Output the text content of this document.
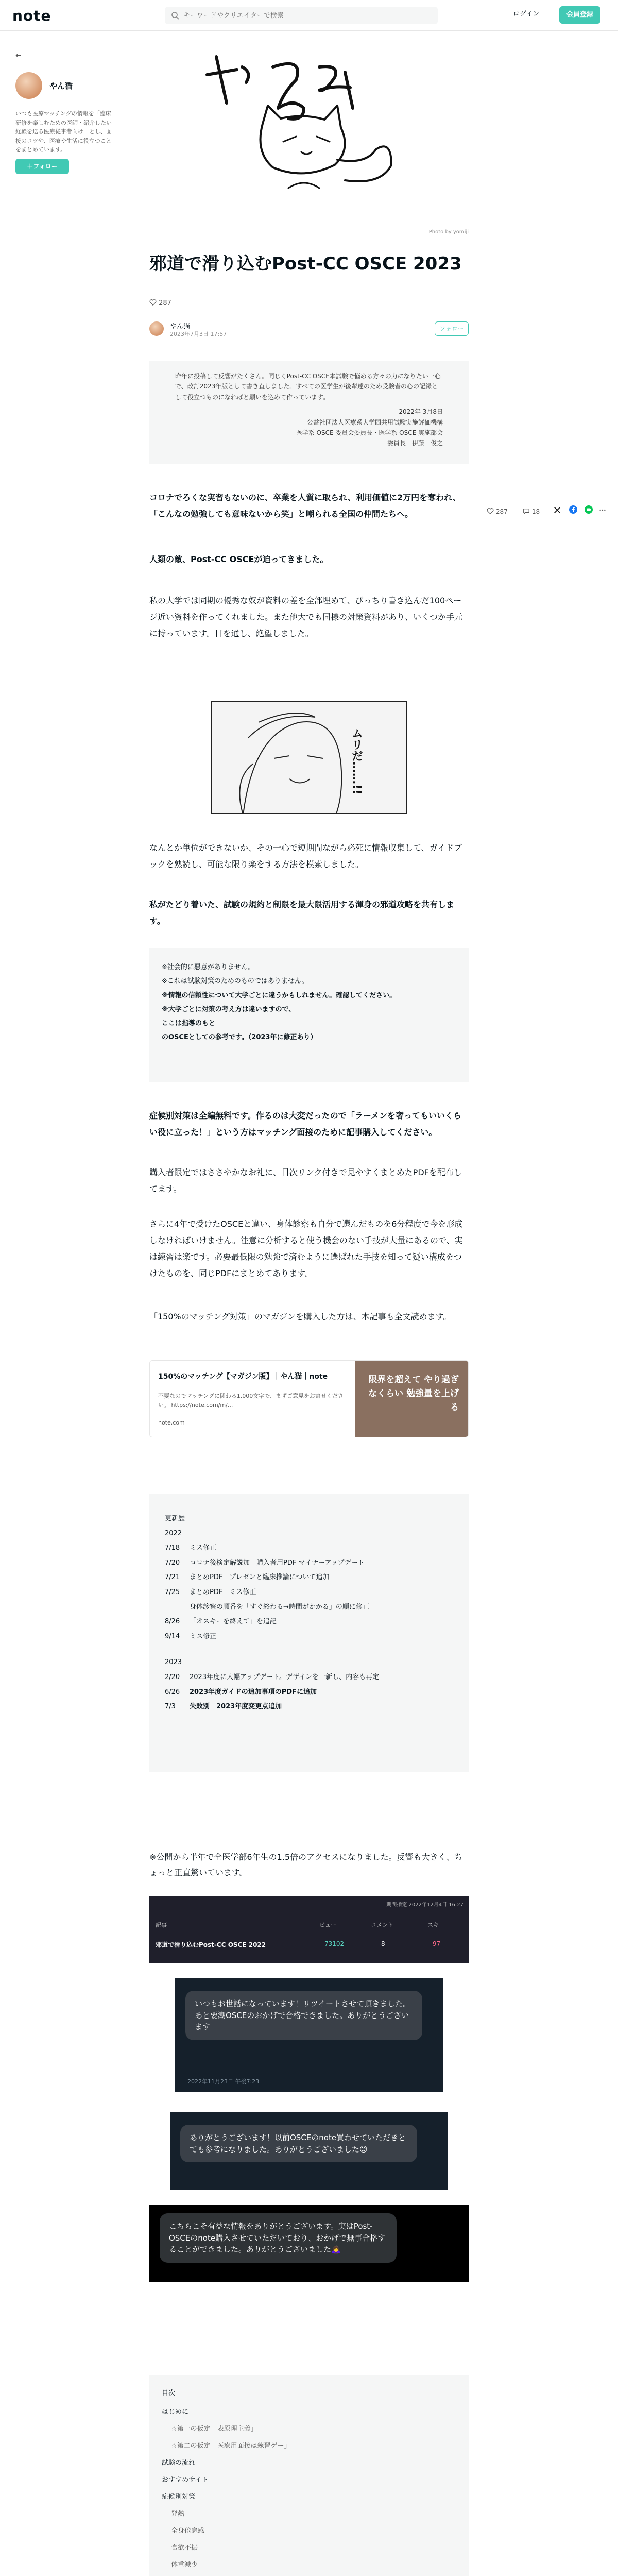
note
キーワードやクリエイターで検索	ログイン	会員登録
←
やん猫
いつも医療マッチングの情報を「臨床研修を楽しむための医師・紹介したい経験を送る医療従事者向け」とし、面接のコツや、医療や生活に役立つことをまとめています。
＋フォロー
287	18
Photo by yomiji
邪道で滑り込むPost-CC OSCE 2023
287
やん猫
2023年7月3日 17:57
フォロー
昨年に投稿して反響がたくさん。同じくPost-CC OSCE本試験で悩める方々の力になりたい一心で、改訂2023年版として書き直しました。すべての医学生が後輩達のため受験者の心の記録として役立つものになればと願いを込めて作っています。
2022年 3月8日
公益社団法人医療系大学間共用試験実施評価機構
医学系 OSCE 委員会委員長・医学系 OSCE 実施部会
委員長　伊藤　俊之

コロナでろくな実習もないのに、卒業を人質に取られ、利用価値に2万円を奪われ、「こんなの勉強しても意味ないから笑」と嘲られる全国の仲間たちへ。

人類の敵、Post-CC OSCEが迫ってきました。

私の大学では同期の優秀な奴が資料の差を全部埋めて、びっちり書き込んだ100ページ近い資料を作ってくれました。また他大でも同様の対策資料があり、いくつか手元に持っています。目を通し、絶望しました。

ムリだ……!!

なんとか単位ができないか、その一心で短期間ながら必死に情報収集して、ガイドブックを熟読し、可能な限り楽をする方法を模索しました。

私がたどり着いた、試験の規約と制限を最大限活用する渾身の邪道攻略を共有します。

※社会的に悪意がありません。
※これは試験対策のためのものではありません。
※情報の信頼性について大学ごとに違うかもしれません。確認してください。
※大学ごとに対策の考え方は違いますので、
ここは指導のもと
のOSCEとしての参考です。（2023年に修正あり）

症候別対策は全編無料です。作るのは大変だったので「ラーメンを奢ってもいいくらい役に立った！」という方はマッチング面接のために記事購入してください。

購入者限定ではささやかなお礼に、目次リンク付きで見やすくまとめたPDFを配布してます。

さらに4年で受けたOSCEと違い、身体診察も自分で選んだものを6分程度で今を形成しなければいけません。注意に分析すると使う機会のない手技が大量にあるので、実は練習は楽です。必要最低限の勉強で済むように選ばれた手技を知って疑い構成をつけたものを、同じPDFにまとめてあります。

「150%のマッチング対策」のマガジンを購入した方は、本記事も全文読めます。

150%のマッチング【マガジン版】｜やん猫｜note
不要なのでマッチングに関わる1,000文字で、まずご意見をお寄せください。 https://note.com/m/...
note.com
限界を超えて やり過ぎなくらい 勉強量を上げる
更新歴
2022
7/18 ミス修正
7/20 コロナ後検定解説加　購入者用PDF マイナーアップデート
7/21 まとめPDF　プレゼンと臨床推論について追加
7/25 まとめPDF　ミス修正
身体診察の順番を「すぐ終わる→時間がかかる」の順に修正
8/26 「オスキーを終えて」を追記
9/14 ミス修正
2023
2/20 2023年度に大幅アップデート。デザインを一新し、内容も再定
6/26 2023年度ガイドの追加事項のPDFに追加
7/3 失敗別　2023年度変更点追加

※公開から半年で全医学部6年生の1.5倍のアクセスになりました。反響も大きく、ちょっと正直驚いています。

期間指定 2022年12月4日 16:27
記事	ビュー	コメント	スキ
邪道で滑り込むPost-CC OSCE 2022	73102	8	97
いつもお世話になっています！リツイートさせて頂きました。あと要潮OSCEのおかげで合格できました。ありがとうございます
2022年11月23日 午後7:23
ありがとうございます！以前OSCEのnote買わせていただきとても参考になりました。ありがとうございました😊
こちらこそ有益な情報をありがとうございます。実はPost-OSCEのnote購入させていただいており、おかげで無事合格することができました。ありがとうございました🙇‍♀️
目次
はじめに
☆第一の仮定「表原理主義」
☆第二の仮定「医療用面接は練習ゲー」
試験の流れ
おすすめサイト
症候別対策
発熱
全身倦怠感
食欲不振
体重減少
